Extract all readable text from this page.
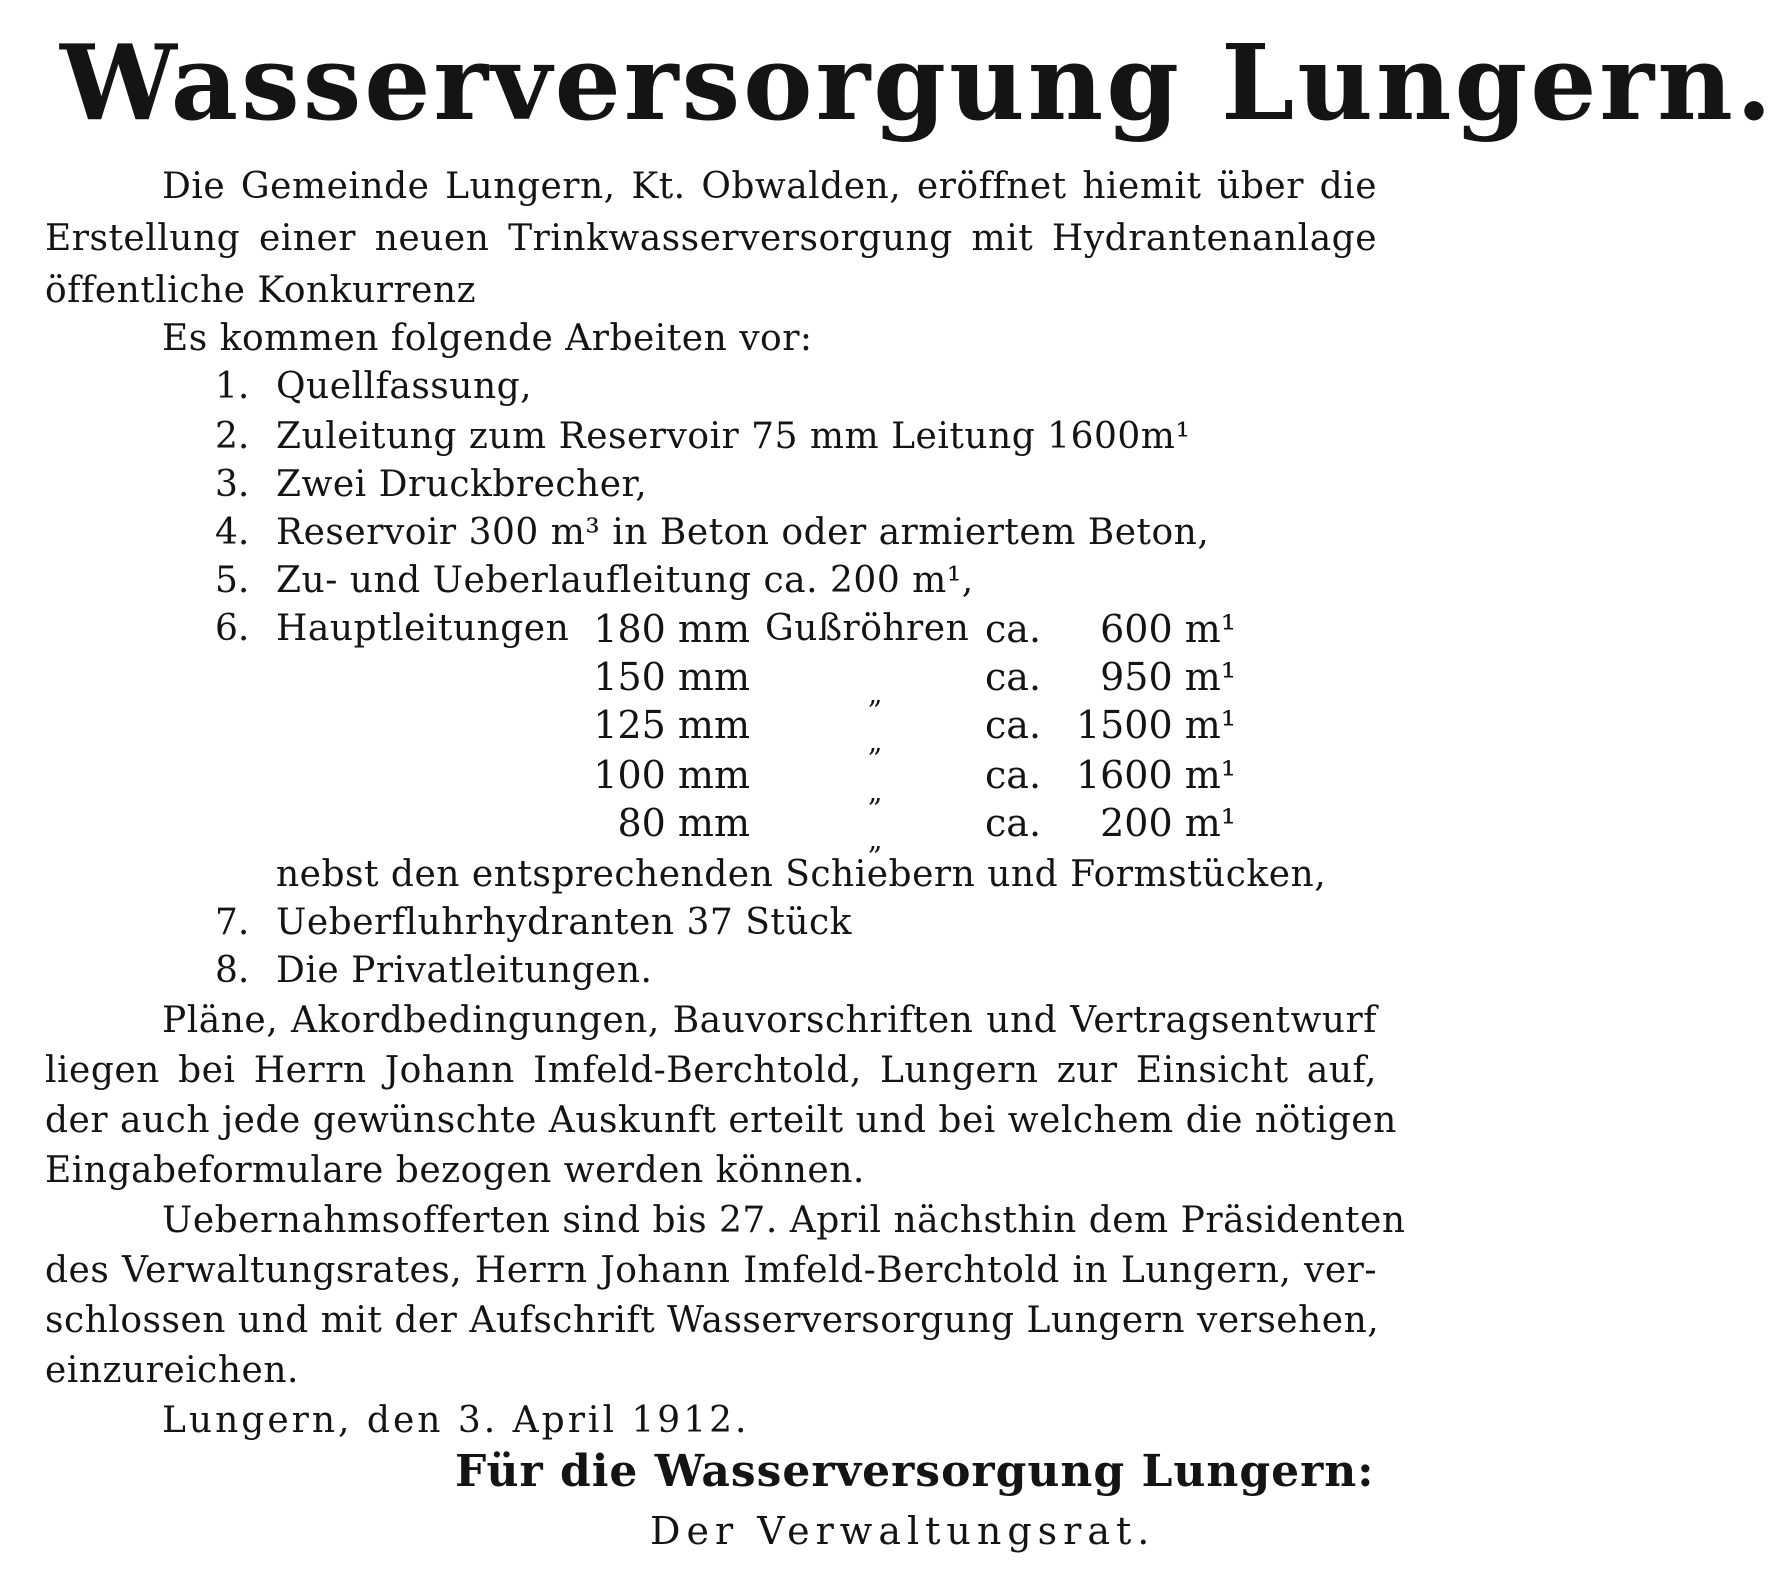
Wasserversorgung Lungern.
Die Gemeinde Lungern, Kt. Obwalden, eröffnet hiemit über die
Erstellung einer neuen Trinkwasserversorgung mit Hydrantenanlage
öffentliche Konkurrenz
Es kommen folgende Arbeiten vor:
1. Quellfassung,
2. Zuleitung zum Reservoir 75 mm Leitung 1600m¹
3. Zwei Druckbrecher,
4. Reservoir 300 m³ in Beton oder armiertem Beton,
5. Zu- und Ueberlaufleitung ca. 200 m¹,
6. Hauptleitungen 180 mm Gußröhren ca.	600 m¹
150 mm	„	ca.	950 m¹
125 mm	„	ca. 1500 m¹
100 mm	„	ca. 1600 m¹
80 mm	„	ca.	200 m¹
nebst den entsprechenden Schiebern und Formstücken,
7. Ueberfluhrhydranten 37 Stück
8. Die Privatleitungen.
Pläne, Akordbedingungen, Bauvorschriften und Vertragsentwurf
liegen bei Herrn Johann Imfeld-Berchtold, Lungern zur Einsicht auf,
der auch jede gewünschte Auskunft erteilt und bei welchem die nötigen
Eingabeformulare bezogen werden können.
Uebernahmsofferten sind bis 27. April nächsthin dem Präsidenten
des Verwaltungsrates, Herrn Johann Imfeld-Berchtold in Lungern, ver-
schlossen und mit der Aufschrift Wasserversorgung Lungern versehen,
einzureichen.
Lungern, den 3. April 1912.
Für die Wasserversorgung Lungern:
Der Verwaltungsrat.
